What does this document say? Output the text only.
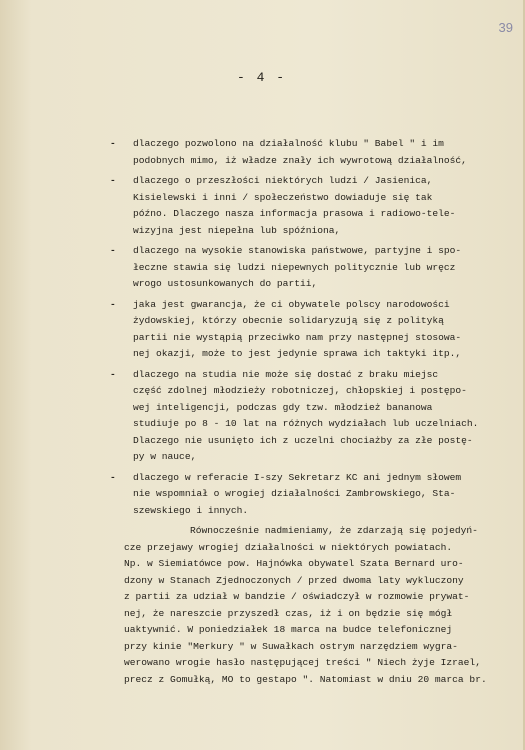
39
- 4 -
- dlaczego pozwolono na działalność klubu " Babel " i im
podobnych mimo, iż władze znały ich wywrotową działalność,
- dlaczego o przeszłości niektórych ludzi / Jasienica,
Kisielewski i inni / społeczeństwo dowiaduje się tak
późno. Dlaczego nasza informacja prasowa i radiowo-tele-
wizyjna jest niepełna lub spóźniona,
- dlaczego na wysokie stanowiska państwowe, partyjne i spo-
łeczne stawia się ludzi niepewnych politycznie lub wręcz
wrogo ustosunkowanych do partii,
- jaka jest gwarancja, że ci obywatele polscy narodowości
żydowskiej, którzy obecnie solidaryzują się z polityką
partii nie wystąpią przeciwko nam przy następnej stosowa-
nej okazji, może to jest jedynie sprawa ich taktyki itp.,
- dlaczego na studia nie może się dostać z braku miejsc
część zdolnej młodzieży robotniczej, chłopskiej i postępo-
wej inteligencji, podczas gdy tzw. młodzież bananowa
studiuje po 8 - 10 lat na różnych wydziałach lub uczelniach.
Dlaczego nie usunięto ich z uczelni chociażby za złe postę-
py w nauce,
- dlaczego w referacie I-szy Sekretarz KC ani jednym słowem
nie wspomniał o wrogiej działalności Zambrowskiego, Sta-
szewskiego i innych.
Równocześnie nadmieniamy, że zdarzają się pojedyń-
cze przejawy wrogiej działalności w niektórych powiatach.
Np. w Siemiatówce pow. Hajnówka obywatel Szata Bernard uro-
dzony w Stanach Zjednoczonych / przed dwoma laty wykluczony
z partii za udział w bandzie / oświadczył w rozmowie prywat-
nej, że nareszcie przyszedł czas, iż i on będzie się mógł
uaktywnić. W poniedziałek 18 marca na budce telefonicznej
przy kinie "Merkury " w Suwałkach ostrym narzędziem wygra-
werowano wrogie hasło następującej treści " Niech żyje Izrael,
precz z Gomułką, MO to gestapo ". Natomiast w dniu 20 marca br.
